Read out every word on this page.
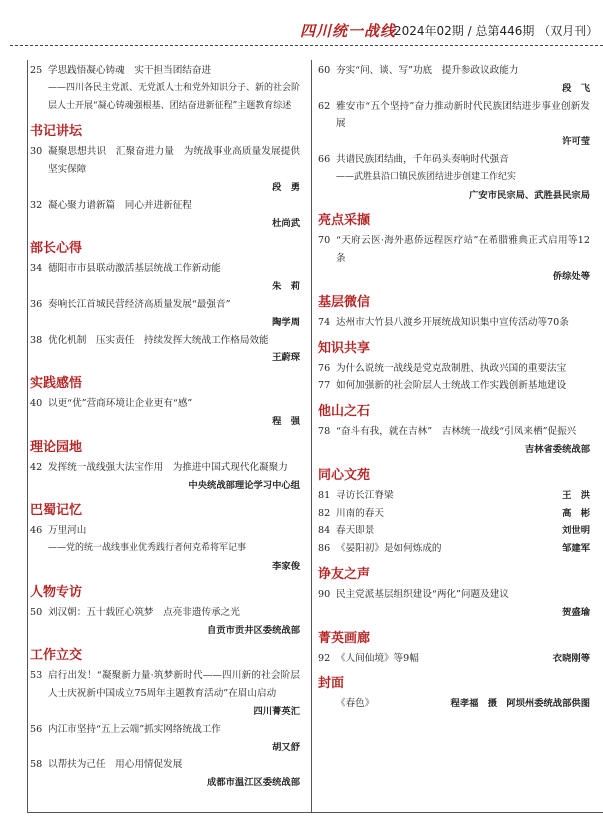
四川统一战线
2024年02期 / 总第446期 （双月刊）
25 学思践悟凝心铸魂　实干担当团结奋进
——四川各民主党派、无党派人士和党外知识分子、新的社会阶层人士开展“凝心铸魂强根基、团结奋进新征程”主题教育综述
书记讲坛
30 凝聚思想共识　汇聚奋进力量　为统战事业高质量发展提供坚实保障
段　勇
32 凝心聚力谱新篇　同心并进新征程
杜尚武
部长心得
34 德阳市市县联动激活基层统战工作新动能
朱　莉
36 奏响长江首城民营经济高质量发展“最强音”
陶学周
38 优化机制　压实责任　持续发挥大统战工作格局效能
王蔚琛
实践感悟
40 以更“优”营商环境让企业更有“感”
程　强
理论园地
42 发挥统一战线强大法宝作用　为推进中国式现代化凝聚力
中央统战部理论学习中心组
巴蜀记忆
46 万里河山
——党的统一战线事业优秀践行者何克希将军记事
李家俊
人物专访
50 刘汉朝：五十载匠心筑梦　点亮非遗传承之光
自贡市贡井区委统战部
工作立交
53 启行出发！“凝聚新力量·筑梦新时代——四川新的社会阶层人士庆祝新中国成立75周年主题教育活动”在眉山启动
四川菁英汇
56 内江市坚持“五上云端”抓实网络统战工作
胡又舒
58 以帮扶为己任　用心用情促发展
成都市温江区委统战部
60 夯实“问、谈、写”功底　提升参政议政能力
段　飞
62 雅安市“五个坚持”奋力推动新时代民族团结进步事业创新发展
许可莹
66 共谱民族团结曲，千年码头奏响时代强音
——武胜县沿口镇民族团结进步创建工作纪实
广安市民宗局、武胜县民宗局
亮点采撷
70 “天府云医·海外惠侨远程医疗站”在希腊雅典正式启用等12条
侨综处等
基层微信
74 达州市大竹县八渡乡开展统战知识集中宣传活动等70条
知识共享
76 为什么说统一战线是党克敌制胜、执政兴国的重要法宝
77 如何加强新的社会阶层人士统战工作实践创新基地建设
他山之石
78 “奋斗有我，就在吉林”　吉林统一战线“引凤来栖”促振兴
吉林省委统战部
同心文苑
81 寻访长江脊梁	王　洪
82 川南的春天	高　彬
84 春天即景	刘世明
86 《晏阳初》是如何炼成的	邹建军
诤友之声
90 民主党派基层组织建设“两化”问题及建议
贺盛瑜
菁英画廊
92 《人间仙境》等9幅	衣晓刚等
封面
《春色》	程孝福　摄　阿坝州委统战部供图
